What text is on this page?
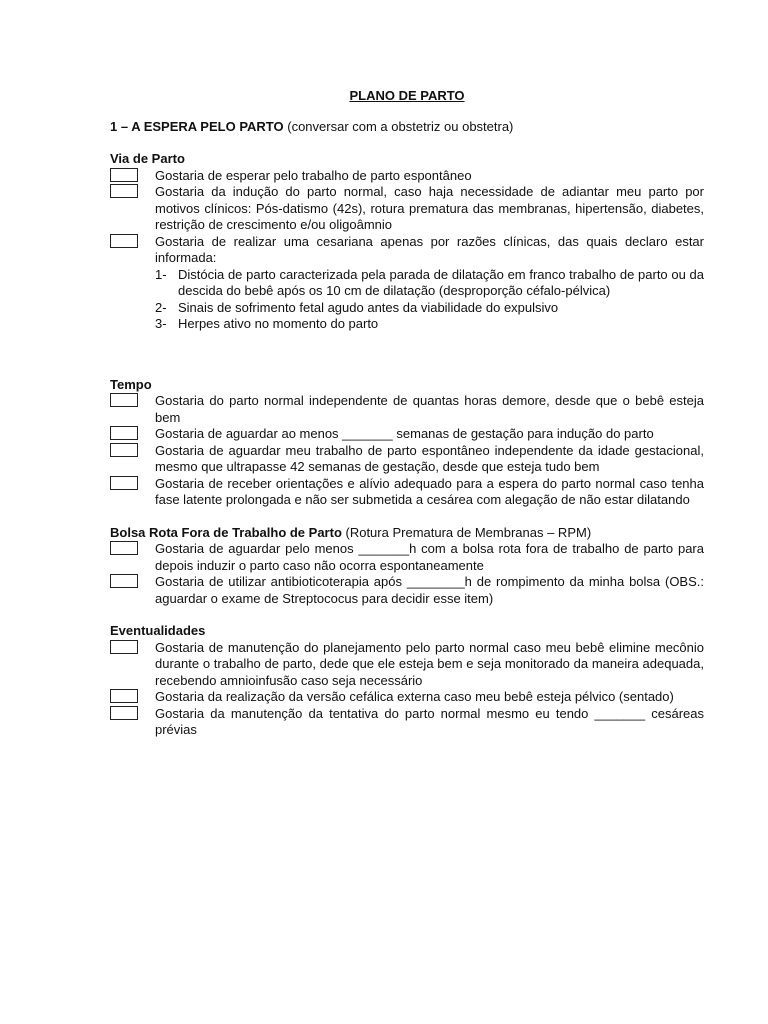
PLANO DE PARTO
1 – A ESPERA PELO PARTO (conversar com a obstetriz ou obstetra)
Via de Parto
Gostaria de esperar pelo trabalho de parto espontâneo
Gostaria da indução do parto normal, caso haja necessidade de adiantar meu parto por motivos clínicos: Pós-datismo (42s), rotura prematura das membranas, hipertensão, diabetes, restrição de crescimento e/ou oligoâmnio
Gostaria de realizar uma cesariana apenas por razões clínicas, das quais declaro estar informada:
1- Distócia de parto caracterizada pela parada de dilatação em franco trabalho de parto ou da descida do bebê após os 10 cm de dilatação (desproporção céfalo-pélvica)
2- Sinais de sofrimento fetal agudo antes da viabilidade do expulsivo
3- Herpes ativo no momento do parto
Tempo
Gostaria do parto normal independente de quantas horas demore, desde que o bebê esteja bem
Gostaria de aguardar ao menos _______ semanas de gestação para indução do parto
Gostaria de aguardar meu trabalho de parto espontâneo independente da idade gestacional, mesmo que ultrapasse 42 semanas de gestação, desde que esteja tudo bem
Gostaria de receber orientações e alívio adequado para a espera do parto normal caso tenha fase latente prolongada e não ser submetida a cesárea com alegação de não estar dilatando
Bolsa Rota Fora de Trabalho de Parto (Rotura Prematura de Membranas – RPM)
Gostaria de aguardar pelo menos _______h com a bolsa rota fora de trabalho de parto para depois induzir o parto caso não ocorra espontaneamente
Gostaria de utilizar antibioticoterapia após ________h de rompimento da minha bolsa (OBS.: aguardar o exame de Streptococus para decidir esse item)
Eventualidades
Gostaria de manutenção do planejamento pelo parto normal caso meu bebê elimine mecônio durante o trabalho de parto, dede que ele esteja bem e seja monitorado da maneira adequada, recebendo amnioinfusão caso seja necessário
Gostaria da realização da versão cefálica externa caso meu bebê esteja pélvico (sentado)
Gostaria da manutenção da tentativa do parto normal mesmo eu tendo _______ cesáreas prévias
